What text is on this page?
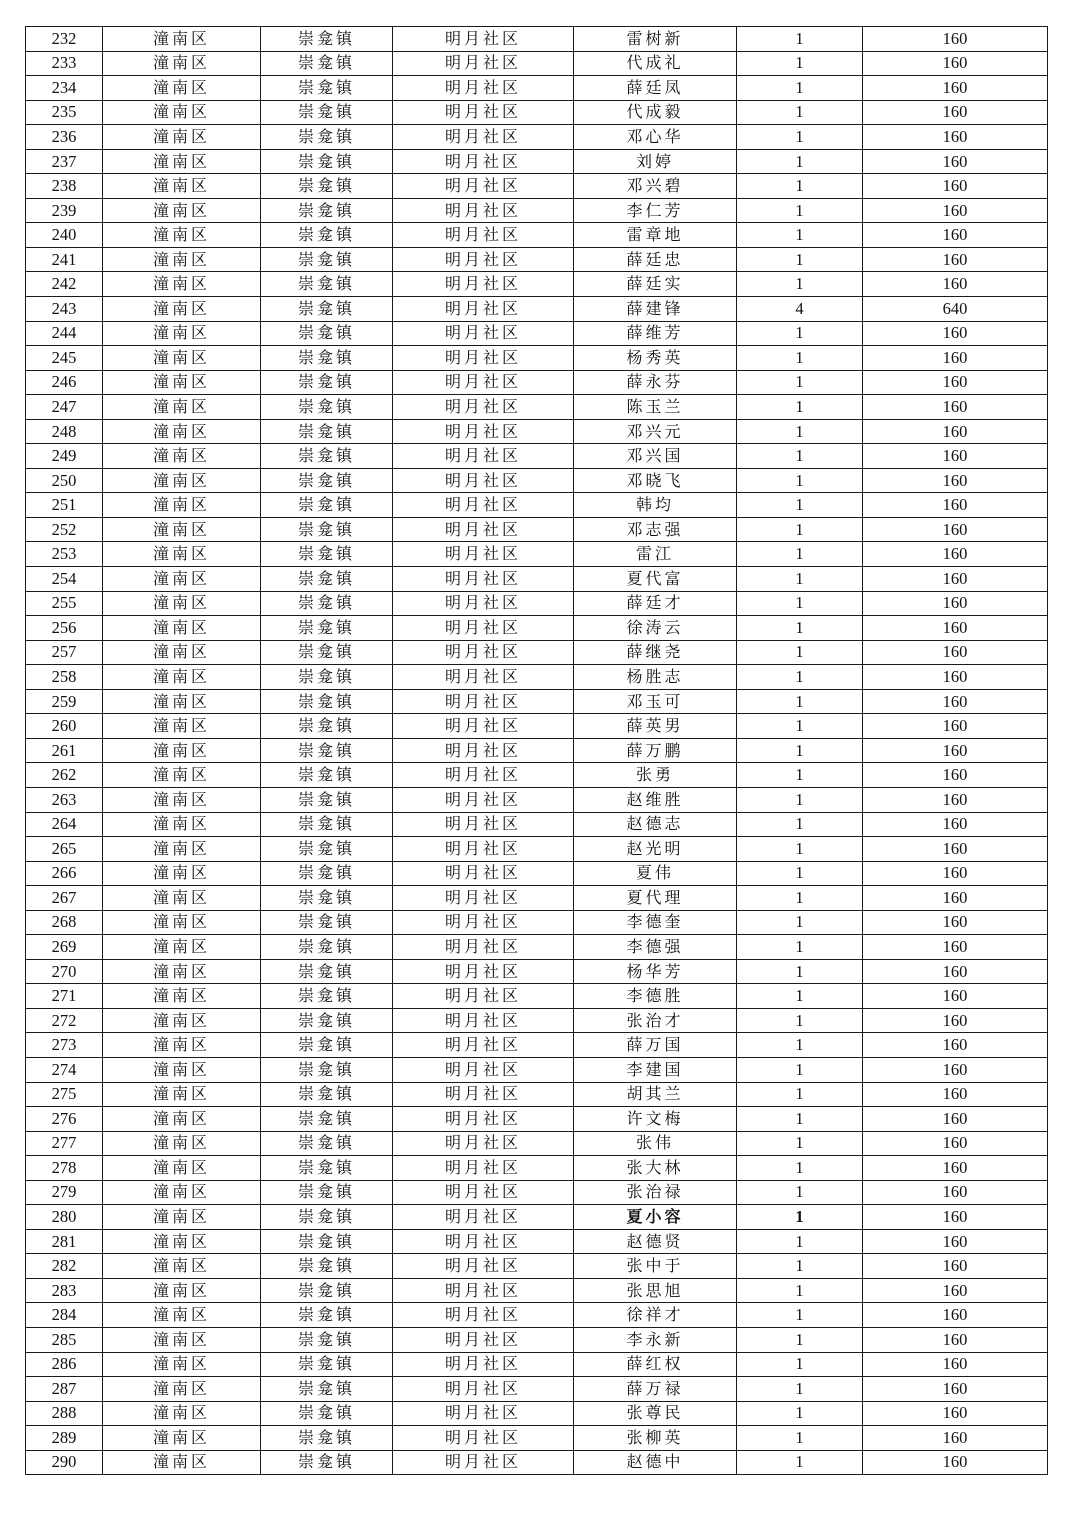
232	潼南区	崇龛镇	明月社区	雷树新	1	160
233	潼南区	崇龛镇	明月社区	代成礼	1	160
234	潼南区	崇龛镇	明月社区	薛廷凤	1	160
235	潼南区	崇龛镇	明月社区	代成毅	1	160
236	潼南区	崇龛镇	明月社区	邓心华	1	160
237	潼南区	崇龛镇	明月社区	刘婷	1	160
238	潼南区	崇龛镇	明月社区	邓兴碧	1	160
239	潼南区	崇龛镇	明月社区	李仁芳	1	160
240	潼南区	崇龛镇	明月社区	雷章地	1	160
241	潼南区	崇龛镇	明月社区	薛廷忠	1	160
242	潼南区	崇龛镇	明月社区	薛廷实	1	160
243	潼南区	崇龛镇	明月社区	薛建锋	4	640
244	潼南区	崇龛镇	明月社区	薛维芳	1	160
245	潼南区	崇龛镇	明月社区	杨秀英	1	160
246	潼南区	崇龛镇	明月社区	薛永芬	1	160
247	潼南区	崇龛镇	明月社区	陈玉兰	1	160
248	潼南区	崇龛镇	明月社区	邓兴元	1	160
249	潼南区	崇龛镇	明月社区	邓兴国	1	160
250	潼南区	崇龛镇	明月社区	邓晓飞	1	160
251	潼南区	崇龛镇	明月社区	韩均	1	160
252	潼南区	崇龛镇	明月社区	邓志强	1	160
253	潼南区	崇龛镇	明月社区	雷江	1	160
254	潼南区	崇龛镇	明月社区	夏代富	1	160
255	潼南区	崇龛镇	明月社区	薛廷才	1	160
256	潼南区	崇龛镇	明月社区	徐涛云	1	160
257	潼南区	崇龛镇	明月社区	薛继尧	1	160
258	潼南区	崇龛镇	明月社区	杨胜志	1	160
259	潼南区	崇龛镇	明月社区	邓玉可	1	160
260	潼南区	崇龛镇	明月社区	薛英男	1	160
261	潼南区	崇龛镇	明月社区	薛万鹏	1	160
262	潼南区	崇龛镇	明月社区	张勇	1	160
263	潼南区	崇龛镇	明月社区	赵维胜	1	160
264	潼南区	崇龛镇	明月社区	赵德志	1	160
265	潼南区	崇龛镇	明月社区	赵光明	1	160
266	潼南区	崇龛镇	明月社区	夏伟	1	160
267	潼南区	崇龛镇	明月社区	夏代理	1	160
268	潼南区	崇龛镇	明月社区	李德奎	1	160
269	潼南区	崇龛镇	明月社区	李德强	1	160
270	潼南区	崇龛镇	明月社区	杨华芳	1	160
271	潼南区	崇龛镇	明月社区	李德胜	1	160
272	潼南区	崇龛镇	明月社区	张治才	1	160
273	潼南区	崇龛镇	明月社区	薛万国	1	160
274	潼南区	崇龛镇	明月社区	李建国	1	160
275	潼南区	崇龛镇	明月社区	胡其兰	1	160
276	潼南区	崇龛镇	明月社区	许文梅	1	160
277	潼南区	崇龛镇	明月社区	张伟	1	160
278	潼南区	崇龛镇	明月社区	张大林	1	160
279	潼南区	崇龛镇	明月社区	张治禄	1	160
280	潼南区	崇龛镇	明月社区	夏小容	1	160
281	潼南区	崇龛镇	明月社区	赵德贤	1	160
282	潼南区	崇龛镇	明月社区	张中于	1	160
283	潼南区	崇龛镇	明月社区	张思旭	1	160
284	潼南区	崇龛镇	明月社区	徐祥才	1	160
285	潼南区	崇龛镇	明月社区	李永新	1	160
286	潼南区	崇龛镇	明月社区	薛红权	1	160
287	潼南区	崇龛镇	明月社区	薛万禄	1	160
288	潼南区	崇龛镇	明月社区	张尊民	1	160
289	潼南区	崇龛镇	明月社区	张柳英	1	160
290	潼南区	崇龛镇	明月社区	赵德中	1	160
